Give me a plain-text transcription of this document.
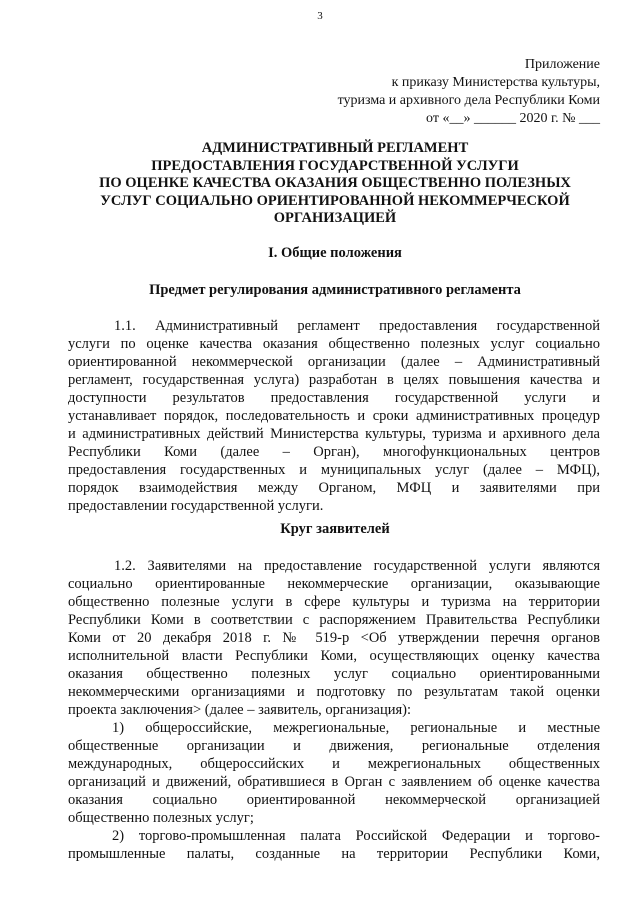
3
Приложение
к приказу Министерства культуры,
туризма и архивного дела Республики Коми
от «__» ______ 2020 г. № ___
АДМИНИСТРАТИВНЫЙ РЕГЛАМЕНТ
ПРЕДОСТАВЛЕНИЯ ГОСУДАРСТВЕННОЙ УСЛУГИ
ПО ОЦЕНКЕ КАЧЕСТВА ОКАЗАНИЯ ОБЩЕСТВЕННО ПОЛЕЗНЫХ
УСЛУГ СОЦИАЛЬНО ОРИЕНТИРОВАННОЙ НЕКОММЕРЧЕСКОЙ
ОРГАНИЗАЦИЕЙ
I. Общие положения
Предмет регулирования административного регламента
1.1. Административный регламент предоставления государственной
услуги по оценке качества оказания общественно полезных услуг социально
ориентированной некоммерческой организации (далее – Административный
регламент, государственная услуга) разработан в целях повышения качества и
доступности результатов предоставления государственной услуги и
устанавливает порядок, последовательность и сроки административных процедур
и административных действий Министерства культуры, туризма и архивного дела
Республики Коми (далее – Орган), многофункциональных центров
предоставления государственных и муниципальных услуг (далее – МФЦ),
порядок взаимодействия между Органом, МФЦ и заявителями при
предоставлении государственной услуги.
Круг заявителей
1.2. Заявителями на предоставление государственной услуги являются
социально ориентированные некоммерческие организации, оказывающие
общественно полезные услуги в сфере культуры и туризма на территории
Республики Коми в соответствии с распоряжением Правительства Республики
Коми от 20 декабря 2018 г. № 519-р <Об утверждении перечня органов
исполнительной власти Республики Коми, осуществляющих оценку качества
оказания общественно полезных услуг социально ориентированными
некоммерческими организациями и подготовку по результатам такой оценки
проекта заключения> (далее – заявитель, организация):
1) общероссийские, межрегиональные, региональные и местные
общественные организации и движения, региональные отделения
международных, общероссийских и межрегиональных общественных
организаций и движений, обратившиеся в Орган с заявлением об оценке качества
оказания социально ориентированной некоммерческой организацией
общественно полезных услуг;
2) торгово-промышленная палата Российской Федерации и торгово-
промышленные палаты, созданные на территории Республики Коми,
